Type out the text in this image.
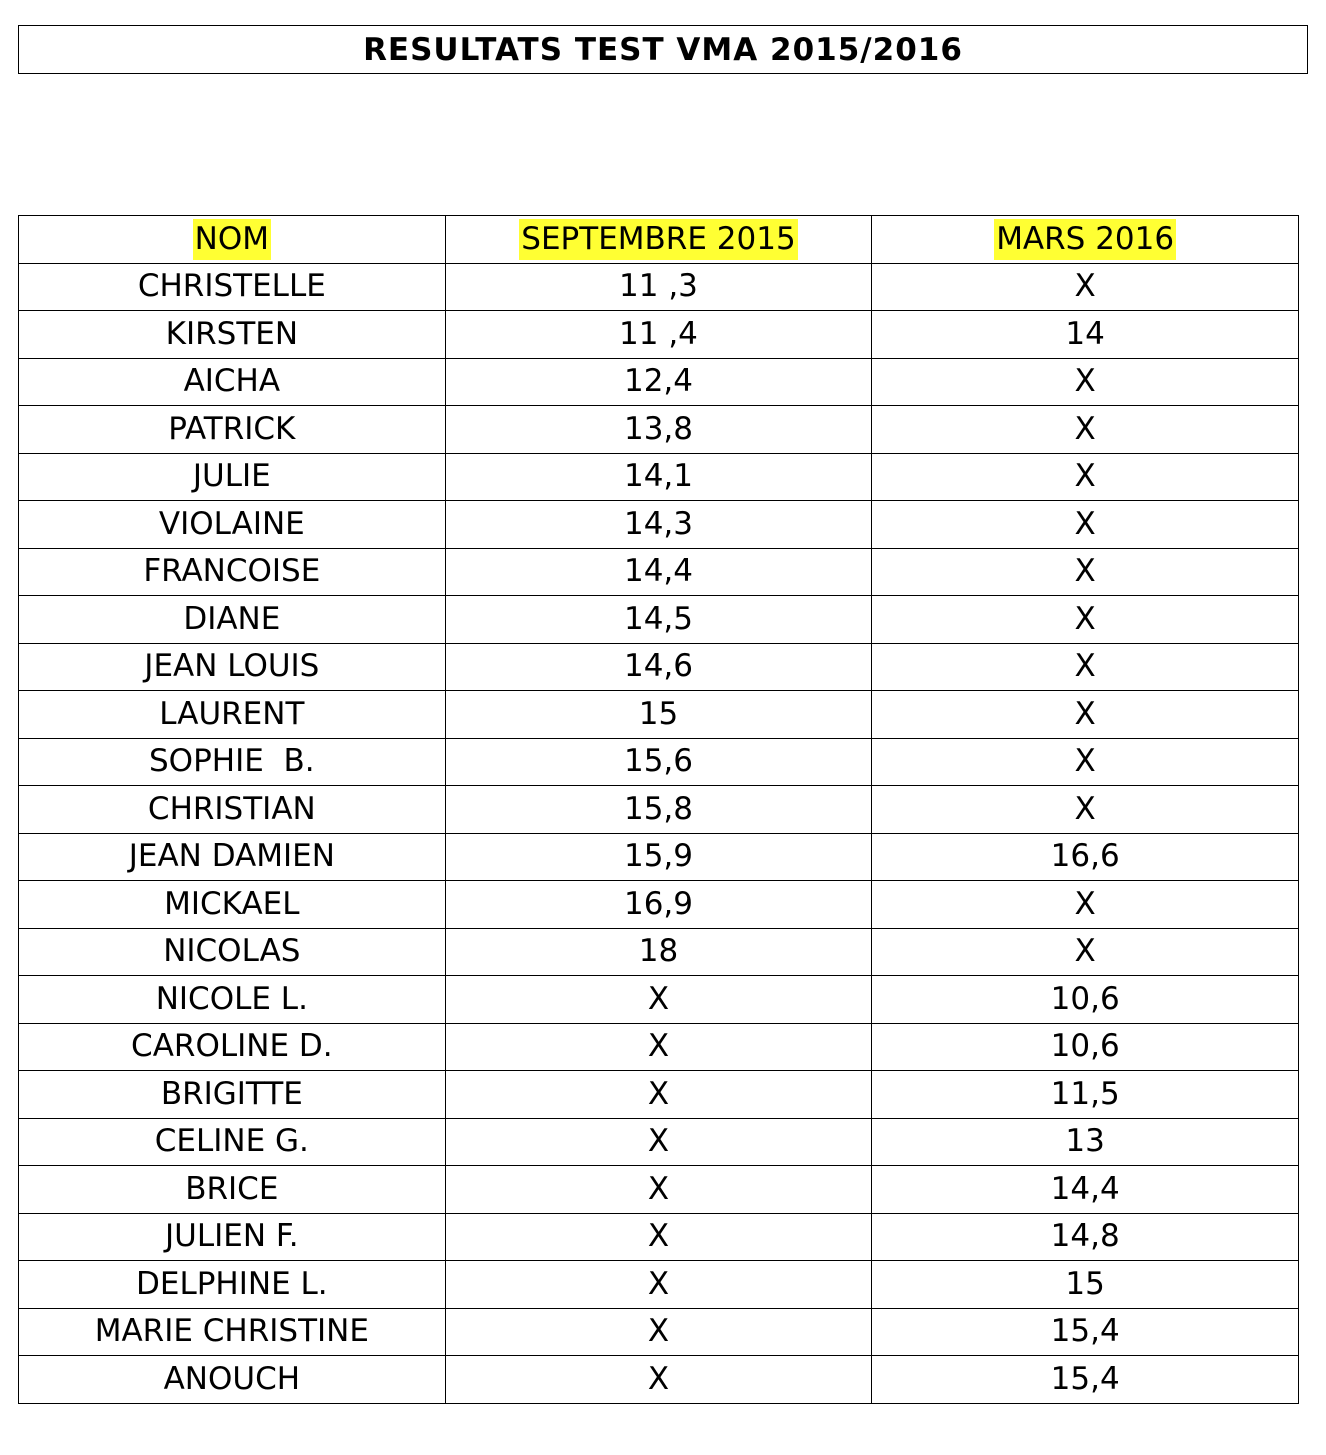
RESULTATS TEST VMA 2015/2016
NOM	SEPTEMBRE 2015	MARS 2016
CHRISTELLE	11 ,3	X
KIRSTEN	11 ,4	14
AICHA	12,4	X
PATRICK	13,8	X
JULIE	14,1	X
VIOLAINE	14,3	X
FRANCOISE	14,4	X
DIANE	14,5	X
JEAN LOUIS	14,6	X
LAURENT	15	X
SOPHIE  B.	15,6	X
CHRISTIAN	15,8	X
JEAN DAMIEN	15,9	16,6
MICKAEL	16,9	X
NICOLAS	18	X
NICOLE L.	X	10,6
CAROLINE D.	X	10,6
BRIGITTE	X	11,5
CELINE G.	X	13
BRICE	X	14,4
JULIEN F.	X	14,8
DELPHINE L.	X	15
MARIE CHRISTINE	X	15,4
ANOUCH	X	15,4
